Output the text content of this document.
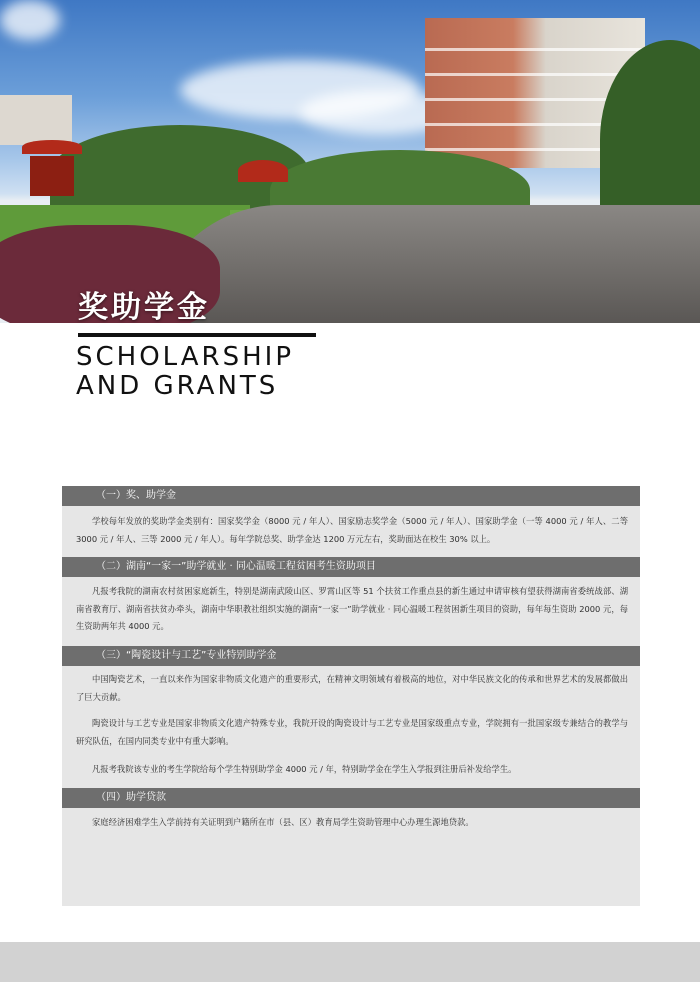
奖助学金
SCHOLARSHIP
AND GRANTS
（一）奖、助学金

学校每年发放的奖助学金类别有：国家奖学金（8000 元 / 年人）、国家励志奖学金（5000 元 / 年人）、国家助学金（一等 4000 元 / 年人、二等 3000 元 / 年人、三等 2000 元 / 年人）。每年学院总奖、助学金达 1200 万元左右，奖助面达在校生 30% 以上。

（二）湖南“一家一”助学就业 · 同心温暖工程贫困考生资助项目

凡报考我院的湖南农村贫困家庭新生，特别是湖南武陵山区、罗霄山区等 51 个扶贫工作重点县的新生通过申请审核有望获得湖南省委统战部、湖南省教育厅、湖南省扶贫办牵头，湖南中华职教社组织实施的湖南“一家一”助学就业 · 同心温暖工程贫困新生项目的资助，每年每生资助 2000 元，每生资助两年共 4000 元。

（三）“陶瓷设计与工艺”专业特别助学金

中国陶瓷艺术，一直以来作为国家非物质文化遗产的重要形式，在精神文明领域有着极高的地位，对中华民族文化的传承和世界艺术的发展都做出了巨大贡献。

陶瓷设计与工艺专业是国家非物质文化遗产特殊专业，我院开设的陶瓷设计与工艺专业是国家级重点专业，学院拥有一批国家级专兼结合的教学与研究队伍，在国内同类专业中有重大影响。

凡报考我院该专业的考生学院给每个学生特别助学金 4000 元 / 年，特别助学金在学生入学报到注册后补发给学生。

（四）助学贷款

家庭经济困难学生入学前持有关证明到户籍所在市（县、区）教育局学生资助管理中心办理生源地贷款。
